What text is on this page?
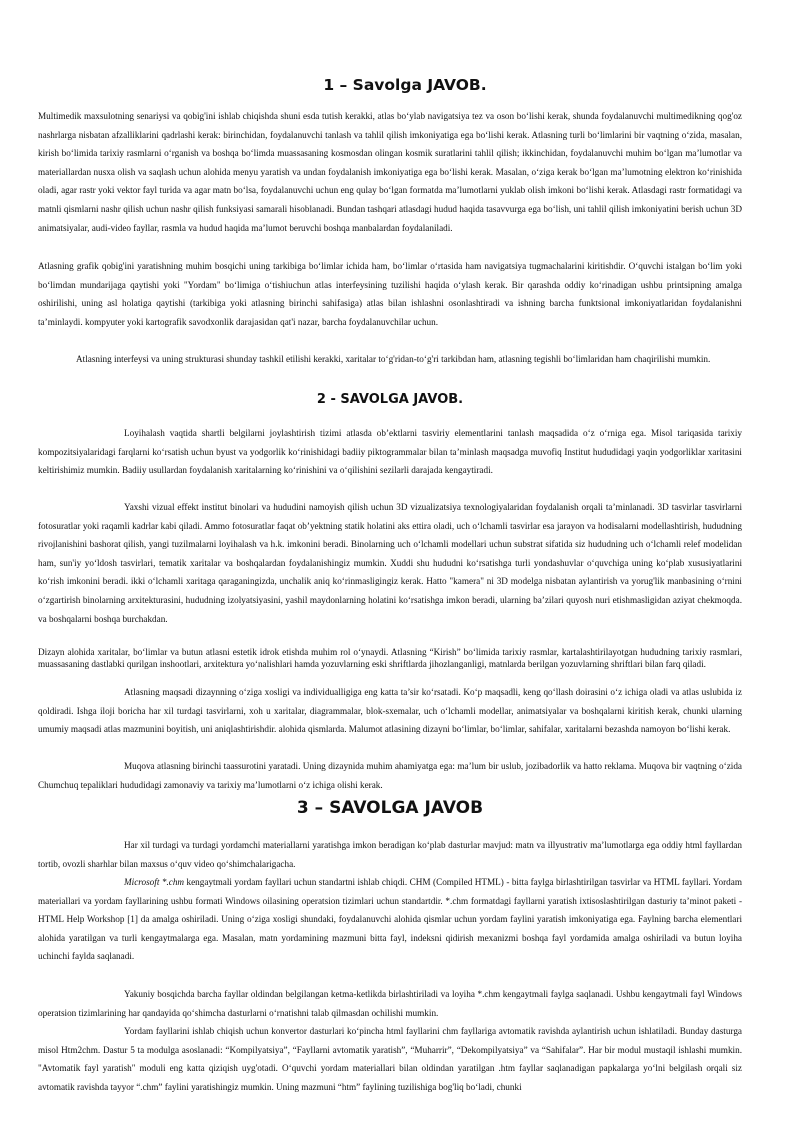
1 – Savolga JAVOB.

Multimedik maxsulotning senariysi va qobig'ini ishlab chiqishda shuni esda tutish kerakki, atlas bo‘ylab navigatsiya tez va oson bo‘lishi kerak, shunda foydalanuvchi multimedikning qog'oz nashrlarga nisbatan afzalliklarini qadrlashi kerak: birinchidan, foydalanuvchi tanlash va tahlil qilish imkoniyatiga ega bo‘lishi kerak. Atlasning turli bo‘limlarini bir vaqtning o‘zida, masalan, kirish bo‘limida tarixiy rasmlarni o‘rganish va boshqa bo‘limda muassasaning kosmosdan olingan kosmik suratlarini tahlil qilish; ikkinchidan, foydalanuvchi muhim bo‘lgan ma’lumotlar va materiallardan nusxa olish va saqlash uchun alohida menyu yaratish va undan foydalanish imkoniyatiga ega bo‘lishi kerak. Masalan, o‘ziga kerak bo‘lgan ma’lumotning elektron ko‘rinishida oladi, agar rastr yoki vektor fayl turida va agar matn bo‘lsa, foydalanuvchi uchun eng qulay bo‘lgan formatda ma’lumotlarni yuklab olish imkoni bo‘lishi kerak. Atlasdagi rastr formatidagi va matnli qismlarni nashr qilish uchun nashr qilish funksiyasi samarali hisoblanadi. Bundan tashqari atlasdagi hudud haqida tasavvurga ega bo‘lish, uni tahlil qilish imkoniyatini berish uchun 3D animatsiyalar, audi-video fayllar, rasmla va hudud haqida ma’lumot beruvchi boshqa manbalardan foydalaniladi.

Atlasning grafik qobig'ini yaratishning muhim bosqichi uning tarkibiga bo‘limlar ichida ham, bo‘limlar o‘rtasida ham navigatsiya tugmachalarini kiritishdir. O‘quvchi istalgan bo‘lim yoki bo‘limdan mundarijaga qaytishi yoki "Yordam" bo‘limiga o‘tishiuchun atlas interfeysining tuzilishi haqida o‘ylash kerak. Bir qarashda oddiy ko‘rinadigan ushbu printsipning amalga oshirilishi, uning asl holatiga qaytishi (tarkibiga yoki atlasning birinchi sahifasiga) atlas bilan ishlashni osonlashtiradi va ishning barcha funktsional imkoniyatlaridan foydalanishni ta’minlaydi. kompyuter yoki kartografik savodxonlik darajasidan qat'i nazar, barcha foydalanuvchilar uchun.

Atlasning interfeysi va uning strukturasi shunday tashkil etilishi kerakki, xaritalar to‘g'ridan-to‘g'ri tarkibdan ham, atlasning tegishli bo‘limlaridan ham chaqirilishi mumkin.

2 - SAVOLGA JAVOB.

Loyihalash vaqtida shartli belgilarni joylashtirish tizimi atlasda ob’ektlarni tasviriy elementlarini tanlash maqsadida o‘z o‘rniga ega. Misol tariqasida tarixiy kompozitsiyalaridagi farqlarni ko‘rsatish uchun byust va yodgorlik ko‘rinishidagi badiiy piktogrammalar bilan ta’minlash maqsadga muvofiq Institut hududidagi yaqin yodgorliklar xaritasini keltirishimiz mumkin. Badiiy usullardan foydalanish xaritalarning ko‘rinishini va o‘qilishini sezilarli darajada kengaytiradi.

Yaxshi vizual effekt institut binolari va hududini namoyish qilish uchun 3D vizualizatsiya texnologiyalaridan foydalanish orqali ta’minlanadi. 3D tasvirlar tasvirlarni fotosuratlar yoki raqamli kadrlar kabi qiladi. Ammo fotosuratlar faqat ob’yektning statik holatini aks ettira oladi, uch o‘lchamli tasvirlar esa jarayon va hodisalarni modellashtirish, hududning rivojlanishini bashorat qilish, yangi tuzilmalarni loyihalash va h.k. imkonini beradi. Binolarning uch o‘lchamli modellari uchun substrat sifatida siz hududning uch o‘lchamli relef modelidan ham, sun'iy yo‘ldosh tasvirlari, tematik xaritalar va boshqalardan foydalanishingiz mumkin. Xuddi shu hududni ko‘rsatishga turli yondashuvlar o‘quvchiga uning ko‘plab xususiyatlarini ko‘rish imkonini beradi. ikki o‘lchamli xaritaga qaraganingizda, unchalik aniq ko‘rinmasligingiz kerak. Hatto "kamera" ni 3D modelga nisbatan aylantirish va yorug'lik manbasining o‘rnini o‘zgartirish binolarning arxitekturasini, hududning izolyatsiyasini, yashil maydonlarning holatini ko‘rsatishga imkon beradi, ularning ba’zilari quyosh nuri etishmasligidan aziyat chekmoqda. va boshqalarni boshqa burchakdan.

Dizayn alohida xaritalar, bo‘limlar va butun atlasni estetik idrok etishda muhim rol o‘ynaydi. Atlasning “Kirish” bo‘limida tarixiy rasmlar, kartalashtirilayotgan hududning tarixiy rasmlari, muassasaning dastlabki qurilgan inshootlari, arxitektura yo‘nalishlari hamda yozuvlarning eski shriftlarda jihozlanganligi, matnlarda berilgan yozuvlarning shriftlari bilan farq qiladi.

Atlasning maqsadi dizaynning o‘ziga xosligi va individualligiga eng katta ta’sir ko‘rsatadi. Ko‘p maqsadli, keng qo‘llash doirasini o‘z ichiga oladi va atlas uslubida iz qoldiradi. Ishga iloji boricha har xil turdagi tasvirlarni, xoh u xaritalar, diagrammalar, blok-sxemalar, uch o‘lchamli modellar, animatsiyalar va boshqalarni kiritish kerak, chunki ularning umumiy maqsadi atlas mazmunini boyitish, uni aniqlashtirishdir. alohida qismlarda. Malumot atlasining dizayni bo‘limlar, bo‘limlar, sahifalar, xaritalarni bezashda namoyon bo‘lishi kerak.

Muqova atlasning birinchi taassurotini yaratadi. Uning dizaynida muhim ahamiyatga ega: ma’lum bir uslub, jozibadorlik va hatto reklama. Muqova bir vaqtning o‘zida Chumchuq tepaliklari hududidagi zamonaviy va tarixiy ma’lumotlarni o‘z ichiga olishi kerak.

3 – SAVOLGA JAVOB

Har xil turdagi va turdagi yordamchi materiallarni yaratishga imkon beradigan ko‘plab dasturlar mavjud: matn va illyustrativ ma’lumotlarga ega oddiy html fayllardan tortib, ovozli sharhlar bilan maxsus o‘quv video qo‘shimchalarigacha.

Microsoft *.chm kengaytmali yordam fayllari uchun standartni ishlab chiqdi. CHM (Compiled HTML) - bitta faylga birlashtirilgan tasvirlar va HTML fayllari. Yordam materiallari va yordam fayllarining ushbu formati Windows oilasining operatsion tizimlari uchun standartdir. *.chm formatdagi fayllarni yaratish ixtisoslashtirilgan dasturiy ta’minot paketi - HTML Help Workshop [1] da amalga oshiriladi. Uning o‘ziga xosligi shundaki, foydalanuvchi alohida qismlar uchun yordam faylini yaratish imkoniyatiga ega. Faylning barcha elementlari alohida yaratilgan va turli kengaytmalarga ega. Masalan, matn yordamining mazmuni bitta fayl, indeksni qidirish mexanizmi boshqa fayl yordamida amalga oshiriladi va butun loyiha uchinchi faylda saqlanadi.

Yakuniy bosqichda barcha fayllar oldindan belgilangan ketma-ketlikda birlashtiriladi va loyiha *.chm kengaytmali faylga saqlanadi. Ushbu kengaytmali fayl Windows operatsion tizimlarining har qandayida qo‘shimcha dasturlarni o‘rnatishni talab qilmasdan ochilishi mumkin.

Yordam fayllarini ishlab chiqish uchun konvertor dasturlari ko‘pincha html fayllarini chm fayllariga avtomatik ravishda aylantirish uchun ishlatiladi. Bunday dasturga misol Htm2chm. Dastur 5 ta modulga asoslanadi: “Kompilyatsiya”, “Fayllarni avtomatik yaratish”, “Muharrir”, “Dekompilyatsiya” va “Sahifalar”. Har bir modul mustaqil ishlashi mumkin. "Avtomatik fayl yaratish" moduli eng katta qiziqish uyg'otadi. O‘quvchi yordam materiallari bilan oldindan yaratilgan .htm fayllar saqlanadigan papkalarga yo‘lni belgilash orqali siz avtomatik ravishda tayyor “.chm” faylini yaratishingiz mumkin. Uning mazmuni “htm” faylining tuzilishiga bog'liq bo‘ladi, chunki
